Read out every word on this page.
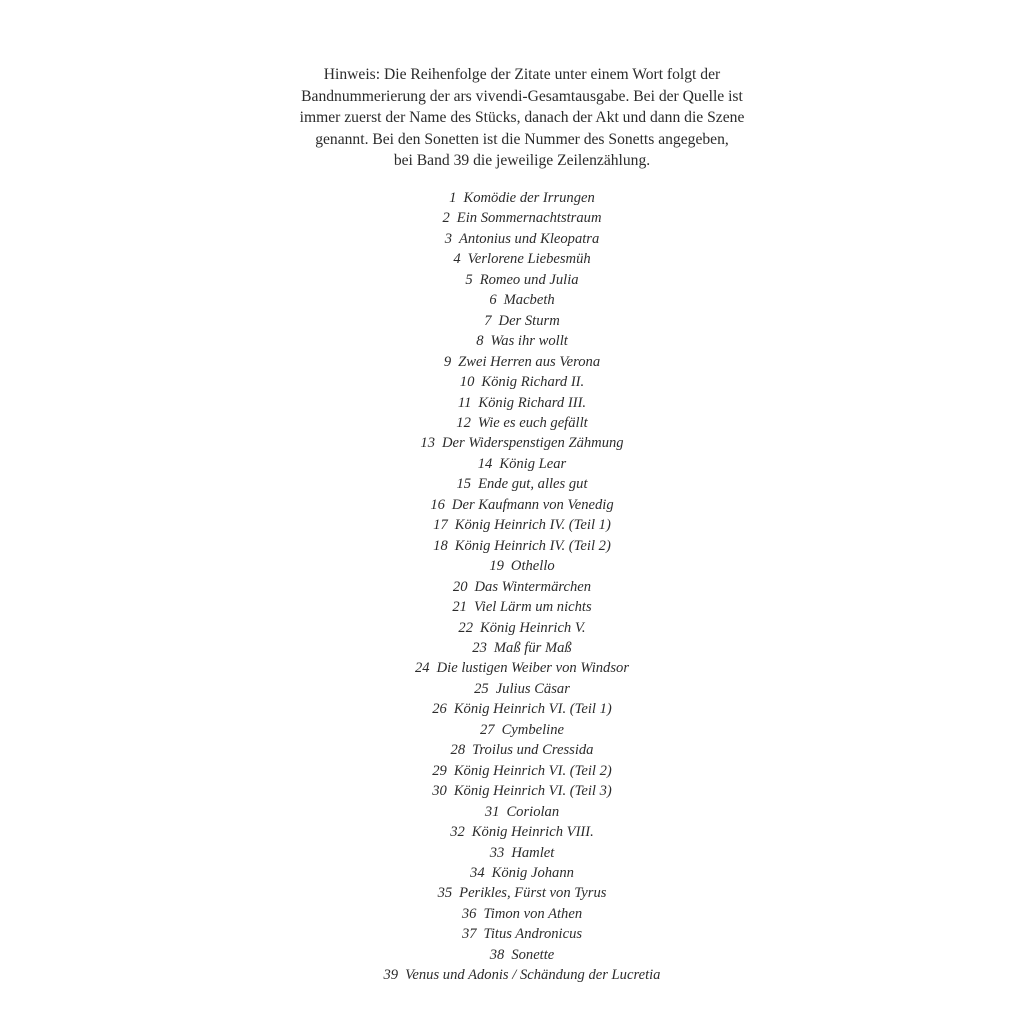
Hinweis: Die Reihenfolge der Zitate unter einem Wort folgt der
Bandnummerierung der ars vivendi-Gesamtausgabe. Bei der Quelle ist
immer zuerst der Name des Stücks, danach der Akt und dann die Szene
genannt. Bei den Sonetten ist die Nummer des Sonetts angegeben,
bei Band 39 die jeweilige Zeilenzählung.

1 Komödie der Irrungen
2 Ein Sommernachtstraum
3 Antonius und Kleopatra
4 Verlorene Liebesmüh
5 Romeo und Julia
6 Macbeth
7 Der Sturm
8 Was ihr wollt
9 Zwei Herren aus Verona
10 König Richard II.
11 König Richard III.
12 Wie es euch gefällt
13 Der Widerspenstigen Zähmung
14 König Lear
15 Ende gut, alles gut
16 Der Kaufmann von Venedig
17 König Heinrich IV. (Teil 1)
18 König Heinrich IV. (Teil 2)
19 Othello
20 Das Wintermärchen
21 Viel Lärm um nichts
22 König Heinrich V.
23 Maß für Maß
24 Die lustigen Weiber von Windsor
25 Julius Cäsar
26 König Heinrich VI. (Teil 1)
27 Cymbeline
28 Troilus und Cressida
29 König Heinrich VI. (Teil 2)
30 König Heinrich VI. (Teil 3)
31 Coriolan
32 König Heinrich VIII.
33 Hamlet
34 König Johann
35 Perikles, Fürst von Tyrus
36 Timon von Athen
37 Titus Andronicus
38 Sonette
39 Venus und Adonis / Schändung der Lucretia
